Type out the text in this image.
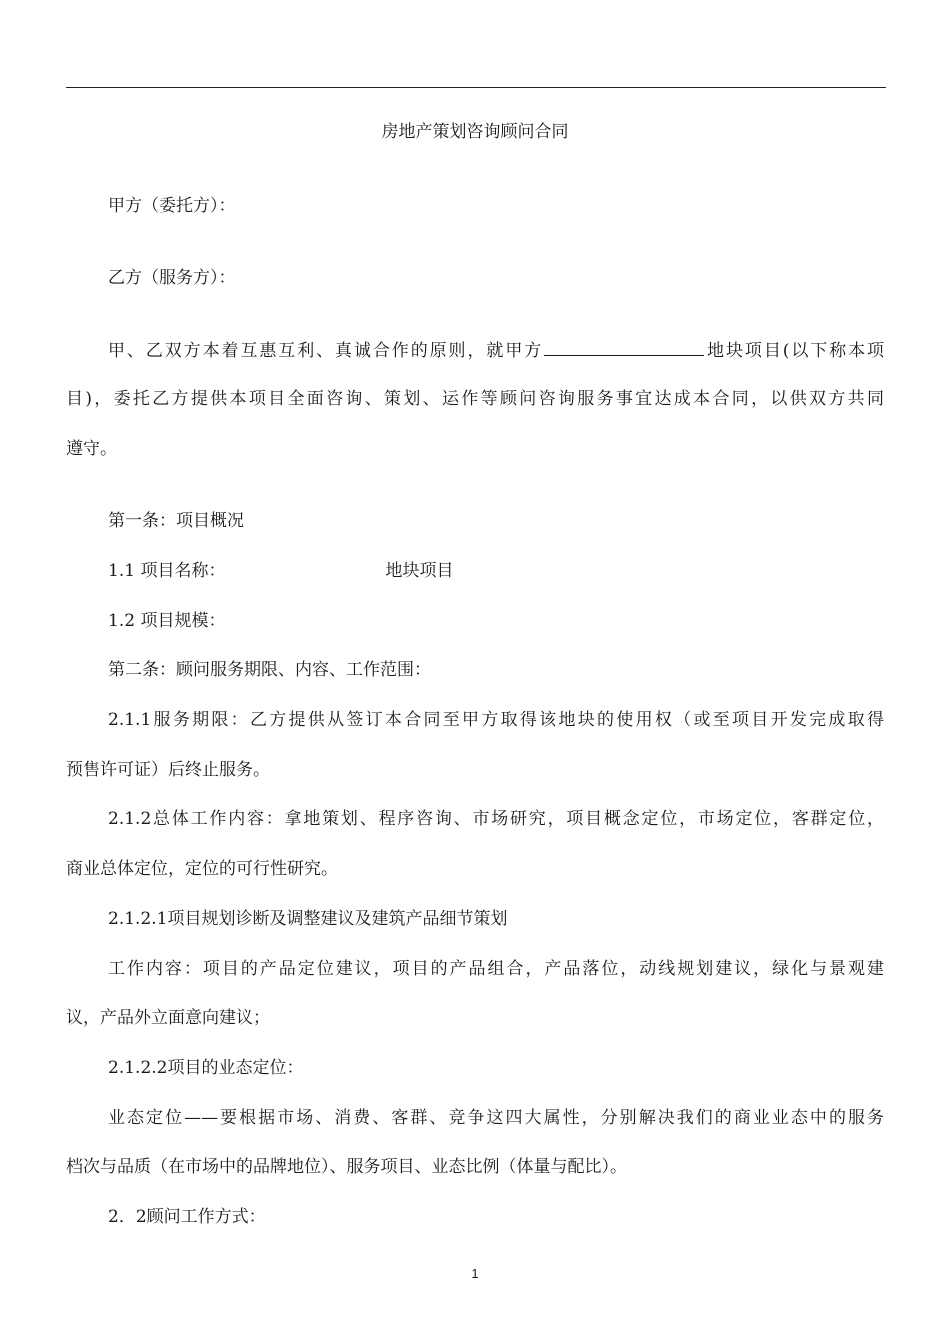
房地产策划咨询顾问合同
甲方（委托方）：
乙方（服务方）：
甲、乙双方本着互惠互利、真诚合作的原则，就甲方	地块项目(以下称本项
目)，委托乙方提供本项目全面咨询、策划、运作等顾问咨询服务事宜达成本合同，以供双方共同
遵守。
第一条：项目概况
1.1 项目名称：	地块项目
1.2 项目规模：
第二条：顾问服务期限、内容、工作范围：
2.1.1服务期限：乙方提供从签订本合同至甲方取得该地块的使用权（或至项目开发完成取得
预售许可证）后终止服务。
2.1.2总体工作内容：拿地策划、程序咨询、市场研究，项目概念定位，市场定位，客群定位，
商业总体定位，定位的可行性研究。
2.1.2.1项目规划诊断及调整建议及建筑产品细节策划
工作内容：项目的产品定位建议，项目的产品组合，产品落位，动线规划建议，绿化与景观建
议，产品外立面意向建议；
2.1.2.2项目的业态定位：
业态定位——要根据市场、消费、客群、竞争这四大属性，分别解决我们的商业业态中的服务
档次与品质（在市场中的品牌地位）、服务项目、业态比例（体量与配比）。
2．2顾问工作方式：
1
